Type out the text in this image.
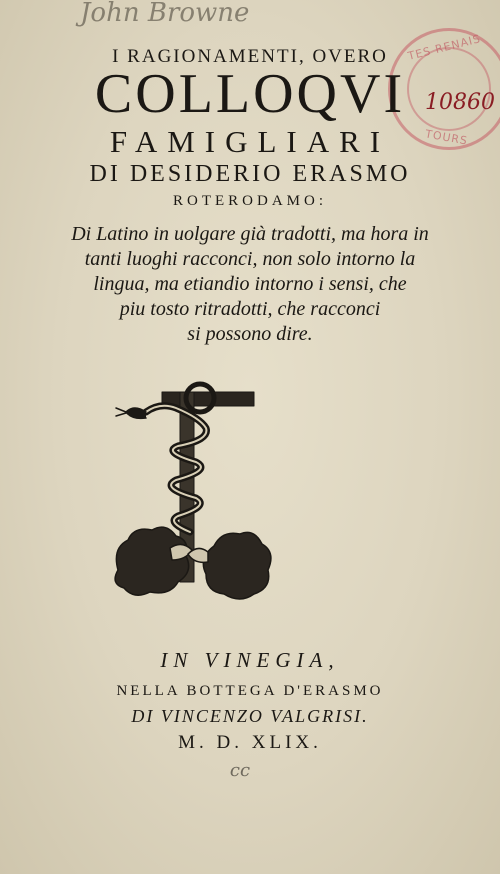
John Browne
TES RENAIS
TOURS
10860
I RAGIONAMENTI, OVERO
COLLOQVI
FAMIGLIARI
DI DESIDERIO ERASMO
ROTERODAMO:
Di Latino in uolgare già tradotti, ma hora in
tanti luoghi racconci, non solo intorno la
lingua, ma etiandio intorno i sensi, che
piu tosto ritradotti, che racconci
si possono dire.
IN VINEGIA,
NELLA BOTTEGA D'ERASMO
DI VINCENZO VALGRISI.
M. D. XLIX.
cc
